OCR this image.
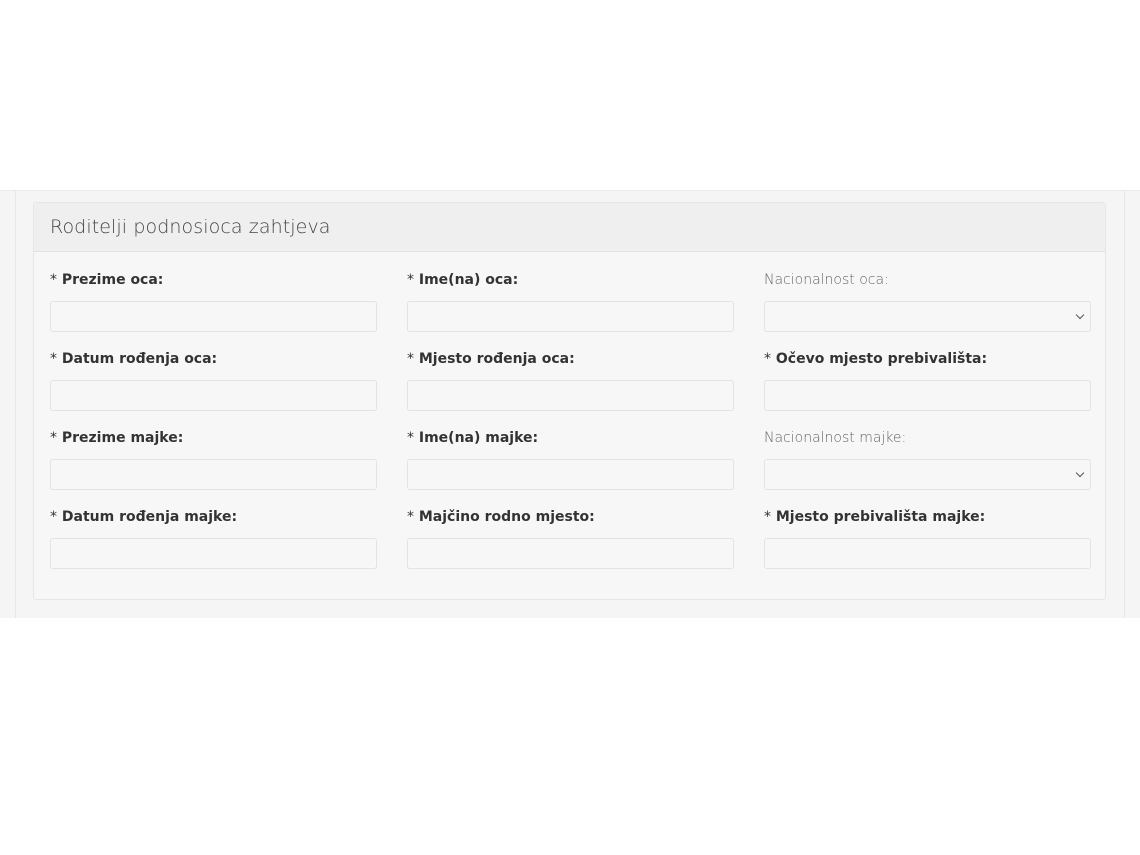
Roditelji podnosioca zahtjeva
* Prezime oca:	* Ime(na) oca:	Nacionalnost oca:
* Datum rođenja oca:	* Mjesto rođenja oca:	* Očevo mjesto prebivališta:
* Prezime majke:	* Ime(na) majke:	Nacionalnost majke:
* Datum rođenja majke:	* Majčino rodno mjesto:	* Mjesto prebivališta majke:
